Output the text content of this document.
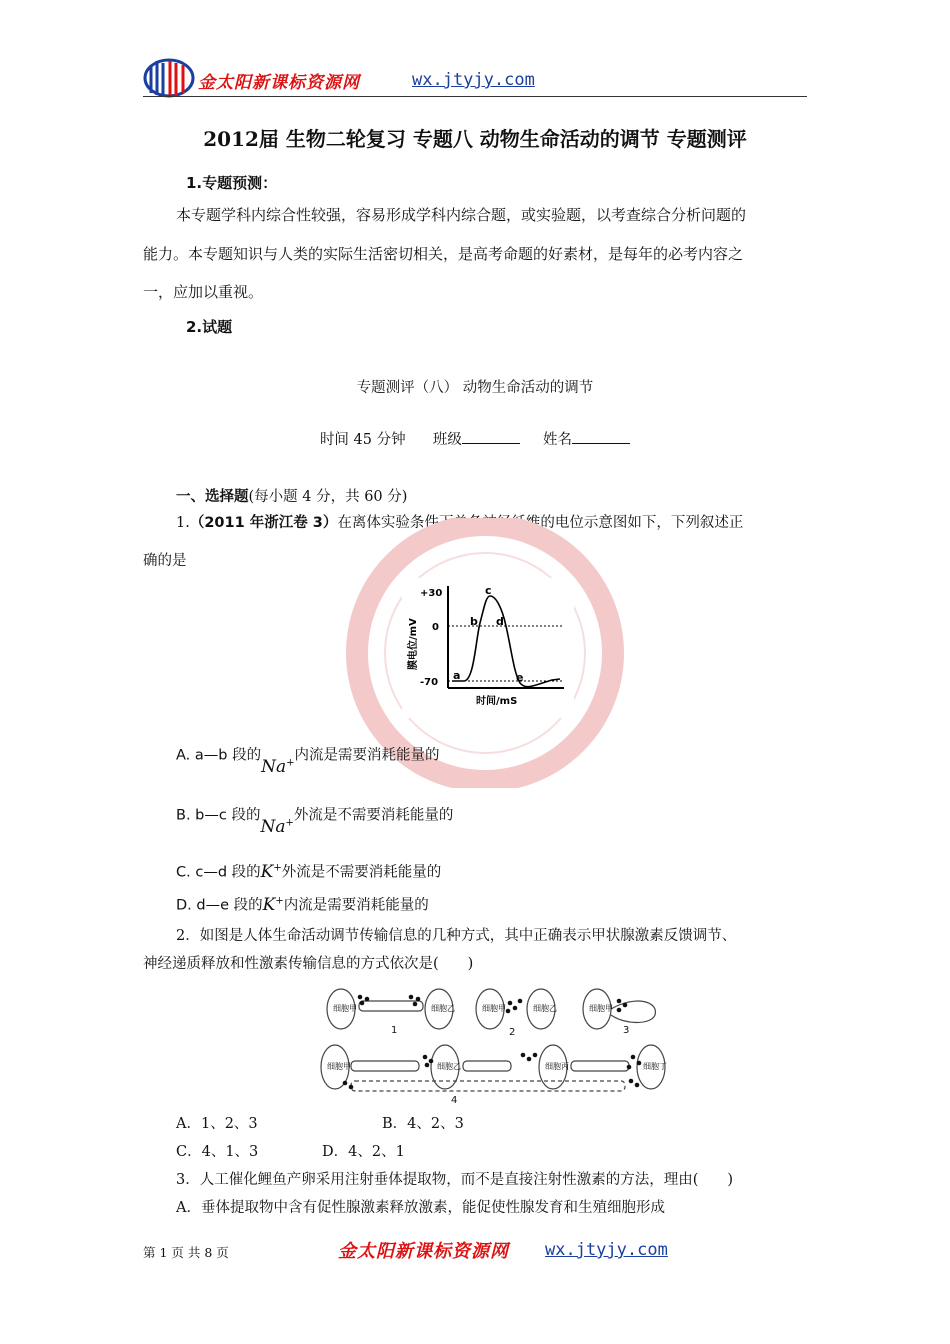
金太阳新课标资源网	wx.jtyjy.com
2012届 生物二轮复习 专题八 动物生命活动的调节 专题测评
1.专题预测：
本专题学科内综合性较强，容易形成学科内综合题，或实验题，以考查综合分析问题的
能力。本专题知识与人类的实际生活密切相关，是高考命题的好素材，是每年的必考内容之
一，应加以重视。
2.试题
专题测评（八） 动物生命活动的调节
时间 45 分钟 班级	姓名
一、选择题(每小题 4 分，共 60 分)
1.（2011 年浙江卷 3）在离体实验条件下单条神经纤维的电位示意图如下，下列叙述正
确的是
+30
0
-70
a
b
c
d
e
膜电位/mV
时间/mS
A. a—b 段的Na+内流是需要消耗能量的
B. b—c 段的Na+外流是不需要消耗能量的
C. c—d 段的K+外流是不需要消耗能量的
D. d—e 段的K+内流是需要消耗能量的
2．如图是人体生命活动调节传输信息的几种方式，其中正确表示甲状腺激素反馈调节、
神经递质释放和性激素传输信息的方式依次是(　　)
细胞甲	细胞乙	细胞甲	细胞乙	细胞甲
细胞甲	细胞乙	细胞丙	细胞丁
1	2	3
4
A．1、2、3	B．4、2、3
C．4、1、3	D．4、2、1
3．人工催化鲤鱼产卵采用注射垂体提取物，而不是直接注射性激素的方法，理由(　　)
A．垂体提取物中含有促性腺激素释放激素，能促使性腺发育和生殖细胞形成
第 1 页 共 8 页	金太阳新课标资源网 wx.jtyjy.com
